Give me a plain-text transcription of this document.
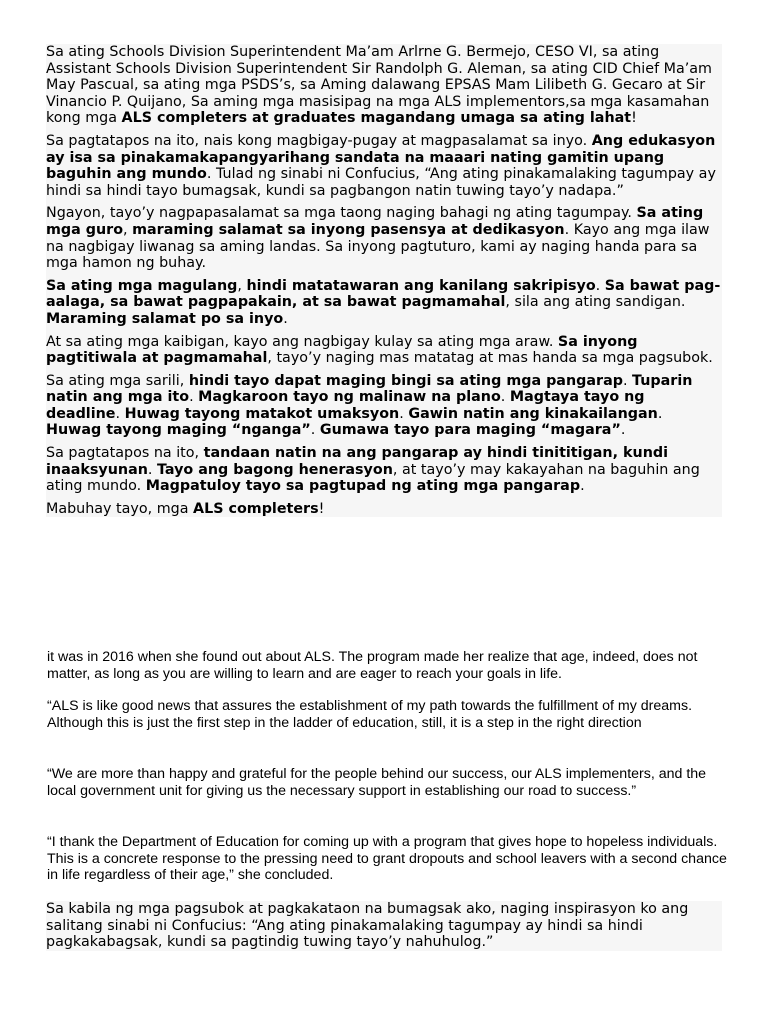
Sa ating Schools Division Superintendent Ma’am Arlrne G. Bermejo, CESO VI, sa ating Assistant Schools Division Superintendent Sir Randolph G. Aleman, sa ating CID Chief Ma’am May Pascual, sa ating mga PSDS’s, sa Aming dalawang EPSAS Mam Lilibeth G. Gecaro at Sir Vinancio P. Quijano, Sa aming mga masisipag na mga ALS implementors,sa mga kasamahan kong mga ALS completers at graduates magandang umaga sa ating lahat!

Sa pagtatapos na ito, nais kong magbigay-pugay at magpasalamat sa inyo. Ang edukasyon ay isa sa pinakamakapangyarihang sandata na maaari nating gamitin upang baguhin ang mundo. Tulad ng sinabi ni Confucius, “Ang ating pinakamalaking tagumpay ay hindi sa hindi tayo bumagsak, kundi sa pagbangon natin tuwing tayo’y nadapa.”

Ngayon, tayo’y nagpapasalamat sa mga taong naging bahagi ng ating tagumpay. Sa ating mga guro, maraming salamat sa inyong pasensya at dedikasyon. Kayo ang mga ilaw na nagbigay liwanag sa aming landas. Sa inyong pagtuturo, kami ay naging handa para sa mga hamon ng buhay.

Sa ating mga magulang, hindi matatawaran ang kanilang sakripisyo. Sa bawat pag-aalaga, sa bawat pagpapakain, at sa bawat pagmamahal, sila ang ating sandigan. Maraming salamat po sa inyo.

At sa ating mga kaibigan, kayo ang nagbigay kulay sa ating mga araw. Sa inyong pagtitiwala at pagmamahal, tayo’y naging mas matatag at mas handa sa mga pagsubok.

Sa ating mga sarili, hindi tayo dapat maging bingi sa ating mga pangarap. Tuparin natin ang mga ito. Magkaroon tayo ng malinaw na plano. Magtaya tayo ng deadline. Huwag tayong matakot umaksyon. Gawin natin ang kinakailangan. Huwag tayong maging “nganga”. Gumawa tayo para maging “magara”.

Sa pagtatapos na ito, tandaan natin na ang pangarap ay hindi tinititigan, kundi inaaksyunan. Tayo ang bagong henerasyon, at tayo’y may kakayahan na baguhin ang ating mundo. Magpatuloy tayo sa pagtupad ng ating mga pangarap.

Mabuhay tayo, mga ALS completers!

it was in 2016 when she found out about ALS. The program made her realize that age, indeed, does not matter, as long as you are willing to learn and are eager to reach your goals in life.

“ALS is like good news that assures the establishment of my path towards the fulfillment of my dreams. Although this is just the first step in the ladder of education, still, it is a step in the right direction

“We are more than happy and grateful for the people behind our success, our ALS implementers, and the local government unit for giving us the necessary support in establishing our road to success.”

“I thank the Department of Education for coming up with a program that gives hope to hopeless individuals. This is a concrete response to the pressing need to grant dropouts and school leavers with a second chance in life regardless of their age,” she concluded.

Sa kabila ng mga pagsubok at pagkakataon na bumagsak ako, naging inspirasyon ko ang salitang sinabi ni Confucius: “Ang ating pinakamalaking tagumpay ay hindi sa hindi pagkakabagsak, kundi sa pagtindig tuwing tayo’y nahuhulog.”
